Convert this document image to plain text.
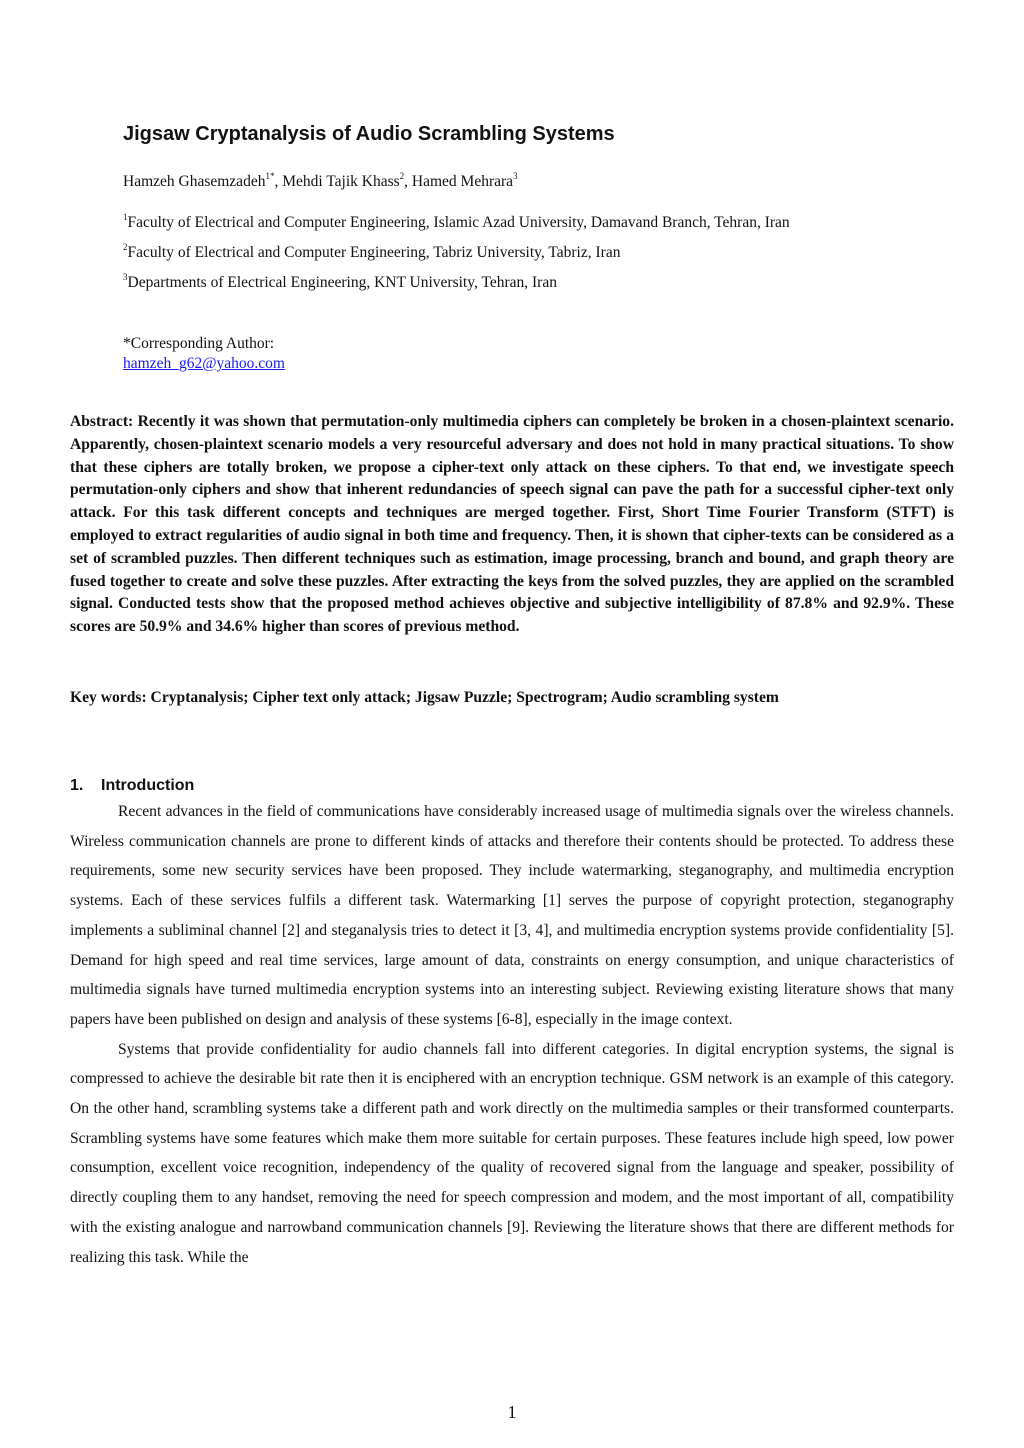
Jigsaw Cryptanalysis of Audio Scrambling Systems
Hamzeh Ghasemzadeh$^{1*}$, Mehdi Tajik Khass$^2$, Hamed Mehrara$^3$
$^1$Faculty of Electrical and Computer Engineering, Islamic Azad University, Damavand Branch, Tehran, Iran
$^2$Faculty of Electrical and Computer Engineering, Tabriz University, Tabriz, Iran
$^3$Departments of Electrical Engineering, KNT University, Tehran, Iran
*Corresponding Author:
hamzeh_g62@yahoo.com
Abstract: Recently it was shown that permutation-only multimedia ciphers can completely be broken in a chosen-plaintext scenario. Apparently, chosen-plaintext scenario models a very resourceful adversary and does not hold in many practical situations. To show that these ciphers are totally broken, we propose a cipher-text only attack on these ciphers. To that end, we investigate speech permutation-only ciphers and show that inherent redundancies of speech signal can pave the path for a successful cipher-text only attack. For this task different concepts and techniques are merged together. First, Short Time Fourier Transform (STFT) is employed to extract regularities of audio signal in both time and frequency. Then, it is shown that cipher-texts can be considered as a set of scrambled puzzles. Then different techniques such as estimation, image processing, branch and bound, and graph theory are fused together to create and solve these puzzles. After extracting the keys from the solved puzzles, they are applied on the scrambled signal. Conducted tests show that the proposed method achieves objective and subjective intelligibility of 87.8% and 92.9%. These scores are 50.9% and 34.6% higher than scores of previous method.
Key words: Cryptanalysis; Cipher text only attack; Jigsaw Puzzle; Spectrogram; Audio scrambling system
1. Introduction

Recent advances in the field of communications have considerably increased usage of multimedia signals over the wireless channels. Wireless communication channels are prone to different kinds of attacks and therefore their contents should be protected. To address these requirements, some new security services have been proposed. They include watermarking, steganography, and multimedia encryption systems. Each of these services fulfils a different task. Watermarking [1] serves the purpose of copyright protection, steganography implements a subliminal channel [2] and steganalysis tries to detect it [3, 4], and multimedia encryption systems provide confidentiality [5]. Demand for high speed and real time services, large amount of data, constraints on energy consumption, and unique characteristics of multimedia signals have turned multimedia encryption systems into an interesting subject. Reviewing existing literature shows that many papers have been published on design and analysis of these systems [6-8], especially in the image context.

Systems that provide confidentiality for audio channels fall into different categories. In digital encryption systems, the signal is compressed to achieve the desirable bit rate then it is enciphered with an encryption technique. GSM network is an example of this category. On the other hand, scrambling systems take a different path and work directly on the multimedia samples or their transformed counterparts. Scrambling systems have some features which make them more suitable for certain purposes. These features include high speed, low power consumption, excellent voice recognition, independency of the quality of recovered signal from the language and speaker, possibility of directly coupling them to any handset, removing the need for speech compression and modem, and the most important of all, compatibility with the existing analogue and narrowband communication channels [9]. Reviewing the literature shows that there are different methods for realizing this task. While the

1
